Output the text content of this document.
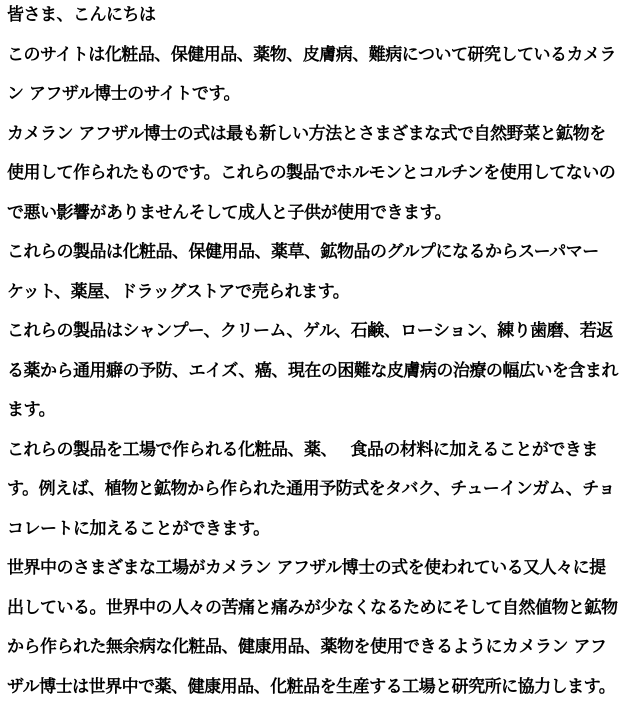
皆さま、こんにちは
このサイトは化粧品、保健用品、薬物、皮膚病、難病について研究しているカメラ
ン アフザル博士のサイトです。
カメラン アフザル博士の式は最も新しい方法とさまざまな式で自然野菜と鉱物を
使用して作られたものです。これらの製品でホルモンとコルチンを使用してないの
で悪い影響がありませんそして成人と子供が使用できます。
これらの製品は化粧品、保健用品、薬草、鉱物品のグルプになるからスーパマー
ケット、薬屋、ドラッグストアで売られます。
これらの製品はシャンプー、クリーム、ゲル、石鹸、ローション、練り歯磨、若返
る薬から通用癖の予防、エイズ、癌、現在の困難な皮膚病の治療の幅広いを含まれ
ます。
これらの製品を工場で作られる化粧品、薬、　 食品の材料に加えることができま
す。例えば、植物と鉱物から作られた通用予防式をタバク、チューインガム、チョ
コレートに加えることができます。
世界中のさまざまな工場がカメラン アフザル博士の式を使われている又人々に提
出している。世界中の人々の苦痛と痛みが少なくなるためにそして自然値物と鉱物
から作られた無余病な化粧品、健康用品、薬物を使用できるようにカメラン アフ
ザル博士は世界中で薬、健康用品、化粧品を生産する工場と研究所に協力します。
